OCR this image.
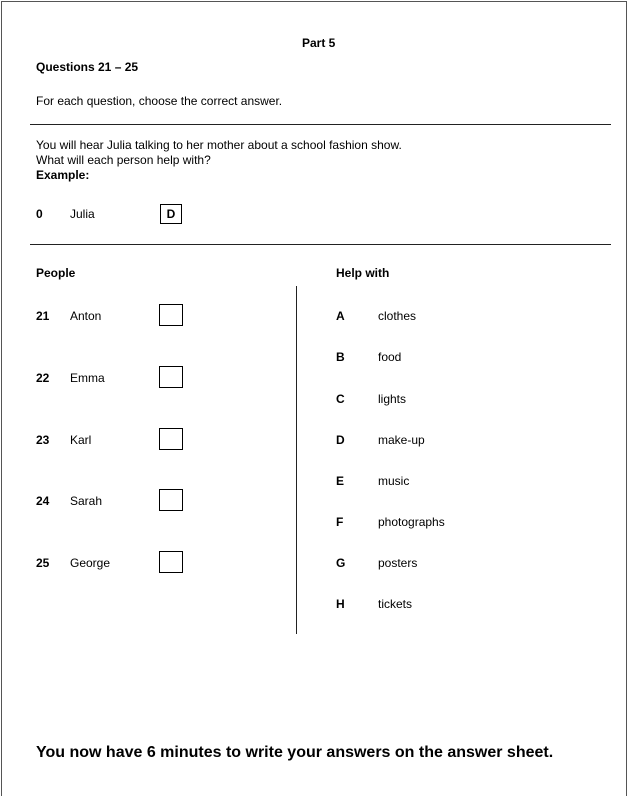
Part 5
Questions 21 – 25
For each question, choose the correct answer.
You will hear Julia talking to her mother about a school fashion show.
What will each person help with?
Example:
0 Julia	D
People	Help with
21 Anton
22 Emma
23 Karl
24 Sarah
25 George
A	clothes
B	food
C	lights
D	make-up
E	music
F	photographs
G	posters
H	tickets
You now have 6 minutes to write your answers on the answer sheet.
